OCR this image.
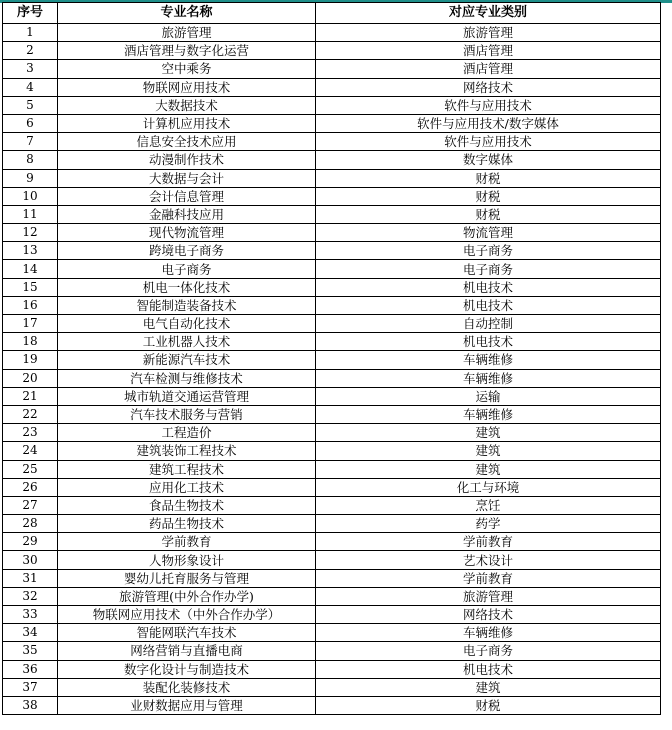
序号	专业名称	对应专业类别
1	旅游管理	旅游管理
2	酒店管理与数字化运营	酒店管理
3	空中乘务	酒店管理
4	物联网应用技术	网络技术
5	大数据技术	软件与应用技术
6	计算机应用技术	软件与应用技术/数字媒体
7	信息安全技术应用	软件与应用技术
8	动漫制作技术	数字媒体
9	大数据与会计	财税
10	会计信息管理	财税
11	金融科技应用	财税
12	现代物流管理	物流管理
13	跨境电子商务	电子商务
14	电子商务	电子商务
15	机电一体化技术	机电技术
16	智能制造装备技术	机电技术
17	电气自动化技术	自动控制
18	工业机器人技术	机电技术
19	新能源汽车技术	车辆维修
20	汽车检测与维修技术	车辆维修
21	城市轨道交通运营管理	运输
22	汽车技术服务与营销	车辆维修
23	工程造价	建筑
24	建筑装饰工程技术	建筑
25	建筑工程技术	建筑
26	应用化工技术	化工与环境
27	食品生物技术	烹饪
28	药品生物技术	药学
29	学前教育	学前教育
30	人物形象设计	艺术设计
31	婴幼儿托育服务与管理	学前教育
32	旅游管理(中外合作办学)	旅游管理
33	物联网应用技术（中外合作办学）	网络技术
34	智能网联汽车技术	车辆维修
35	网络营销与直播电商	电子商务
36	数字化设计与制造技术	机电技术
37	装配化装修技术	建筑
38	业财数据应用与管理	财税
